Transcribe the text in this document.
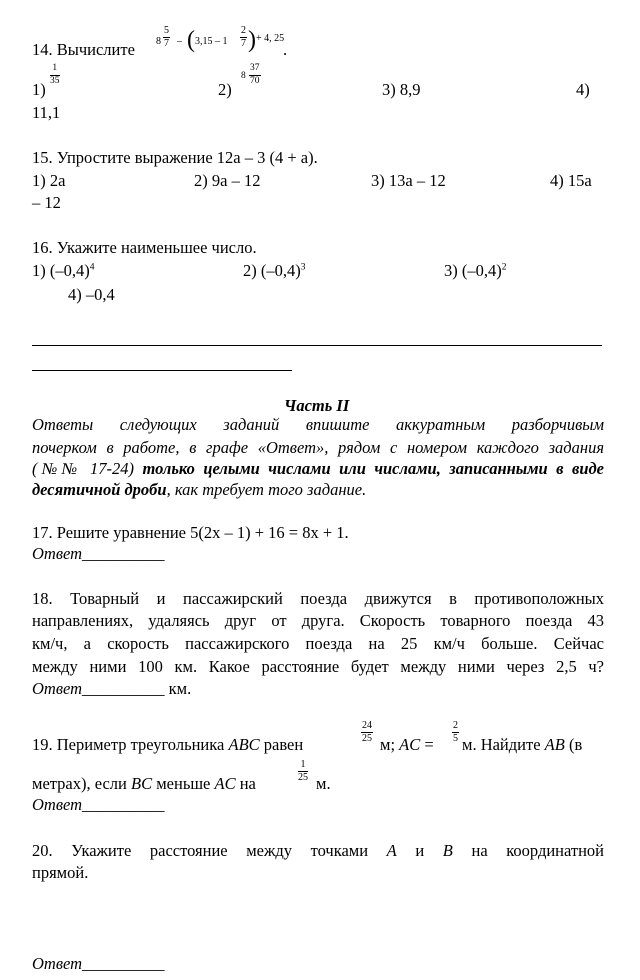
14. Вычислите $8 \frac{5}{7}$ – ( $3,15 - 1 \frac{2}{7}$ ) + 4, 25
.
1)
$\frac{1}{35}$
2)
$8 \frac{37}{70}$
3) 8,9	4)
11,1
15. Упростите выражение 12а – 3 (4 + а).
1) 2а	2) 9а – 12	3) 13а – 12	4) 15а
– 12
16. Укажите наименьшее число.
1) $(-0,4)^4$	2) $(-0,4)^3$	3) $(-0,4)^2$
4) –0,4
Часть II
Ответы следующих заданий впишите аккуратным разборчивым
почерком в работе, в графе «Ответ», рядом с номером каждого задания
(№№ 17-24) только целыми числами или числами, записанными в виде
десятичной дроби, как требует того задание.
17. Решите уравнение 5(2х – 1) + 16 = 8х + 1.
Ответ__________
18. Товарный и пассажирский поезда движутся в противоположных
направлениях, удаляясь друг от друга. Скорость товарного поезда 43
км/ч, а скорость пассажирского поезда на 25 км/ч больше. Сейчас
между ними 100 км. Какое расстояние будет между ними через 2,5 ч?
Ответ__________ км.
19. Периметр треугольника ABC равен
$\frac{24}{25}$
м; AC =
$\frac{2}{5}$
м. Найдите AB (в
метрах), если BC меньше AC на
$\frac{1}{25}$
м.
Ответ__________
20. Укажите расстояние между точками A и B на координатной
прямой.
Ответ__________
